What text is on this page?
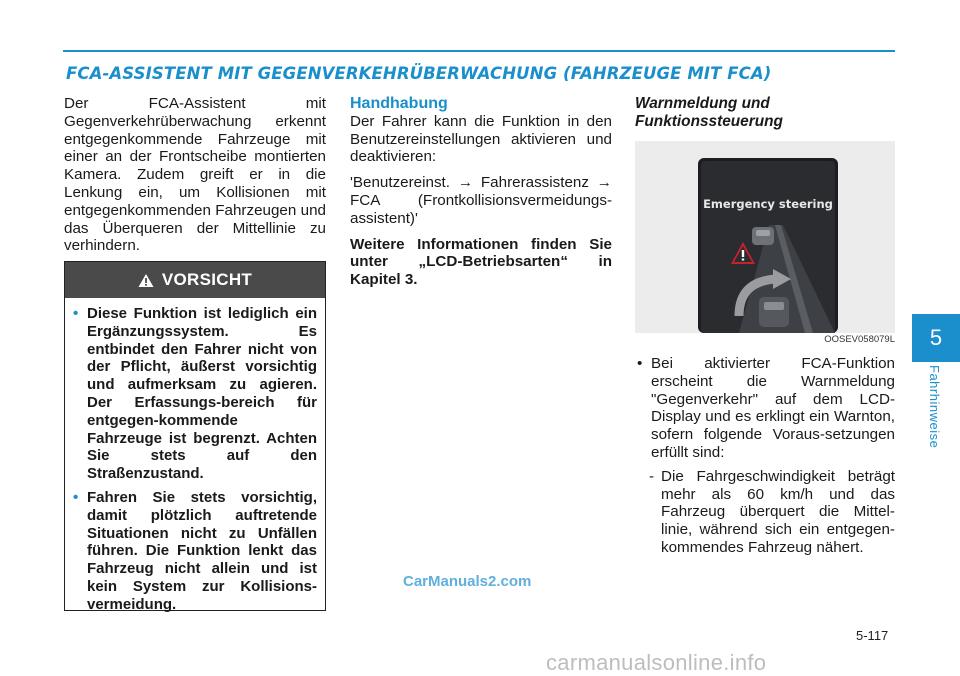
FCA-ASSISTENT MIT GEGENVERKEHRÜBERWACHUNG (FAHRZEUGE MIT FCA)

Der FCA-Assistent mit Gegenverkehrüberwachung erkennt entgegenkommende Fahrzeuge mit einer an der Frontscheibe montierten Kamera. Zudem greift er in die Lenkung ein, um Kollisionen mit entgegenkommenden Fahrzeugen und das Überqueren der Mittellinie zu verhindern.

VORSICHT
• Diese Funktion ist lediglich ein Ergänzungssystem. Es entbindet den Fahrer nicht von der Pflicht, äußerst vorsichtig und aufmerksam zu agieren. Der Erfassungs-bereich für entgegen-kommende Fahrzeuge ist begrenzt. Achten Sie stets auf den Straßenzustand.
• Fahren Sie stets vorsichtig, damit plötzlich auftretende Situationen nicht zu Unfällen führen. Die Funktion lenkt das Fahrzeug nicht allein und ist kein System zur Kollisions-vermeidung.

Handhabung

Der Fahrer kann die Funktion in den Benutzereinstellungen aktivieren und deaktivieren:

'Benutzereinst. → Fahrerassistenz → FCA (Frontkollisionsvermeidungs-assistent)'

Weitere Informationen finden Sie unter „LCD-Betriebsarten“ in Kapitel 3.

Warnmeldung und Funktionssteuerung

Emergency steering
OOSEV058079L
• Bei aktivierter FCA-Funktion erscheint die Warnmeldung "Gegenverkehr" auf dem LCD-Display und es erklingt ein Warnton, sofern folgende Voraus-setzungen erfüllt sind:
- Die Fahrgeschwindigkeit beträgt mehr als 60 km/h und das Fahrzeug überquert die Mittel-linie, während sich ein entgegen-kommendes Fahrzeug nähert.
5
Fahrhinweise
CarManuals2.com
5-117
carmanualsonline.info
